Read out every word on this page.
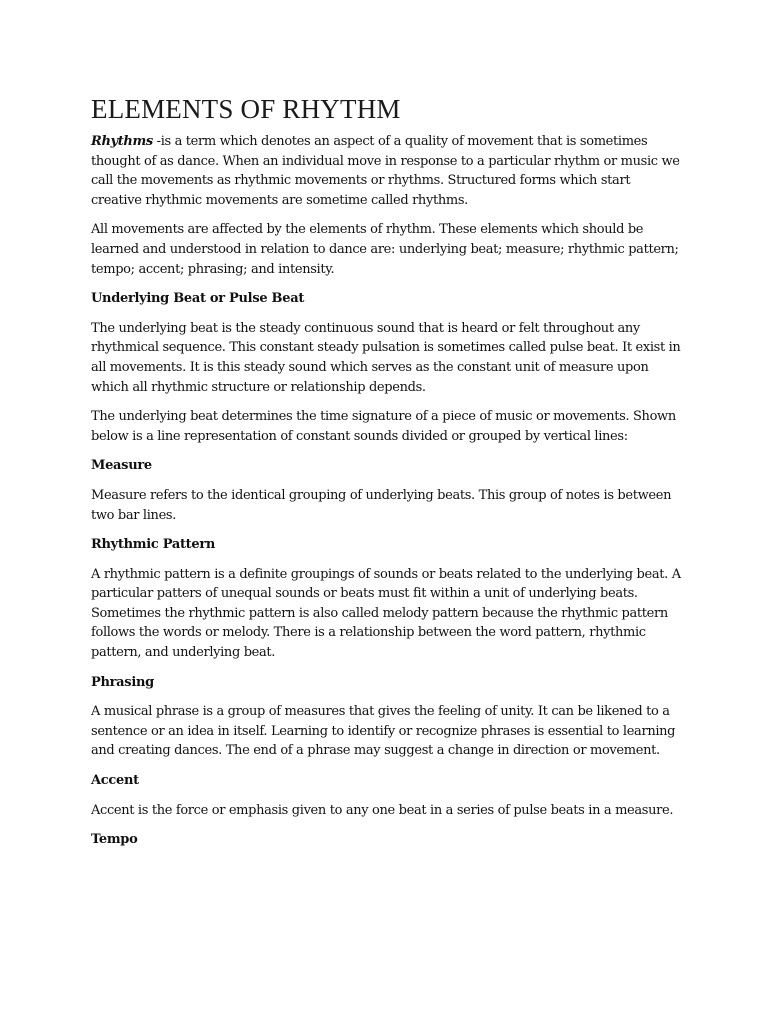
ELEMENTS OF RHYTHM

Rhythms -is a term which denotes an aspect of a quality of movement that is sometimes thought of as dance. When an individual move in response to a particular rhythm or music we call the movements as rhythmic movements or rhythms. Structured forms which start creative rhythmic movements are sometime called rhythms.

All movements are affected by the elements of rhythm. These elements which should be learned and understood in relation to dance are: underlying beat; measure; rhythmic pattern; tempo; accent; phrasing; and intensity.

Underlying Beat or Pulse Beat

The underlying beat is the steady continuous sound that is heard or felt throughout any rhythmical sequence. This constant steady pulsation is sometimes called pulse beat. It exist in all movements. It is this steady sound which serves as the constant unit of measure upon which all rhythmic structure or relationship depends.

The underlying beat determines the time signature of a piece of music or movements. Shown below is a line representation of constant sounds divided or grouped by vertical lines:

Measure

Measure refers to the identical grouping of underlying beats. This group of notes is between two bar lines.

Rhythmic Pattern

A rhythmic pattern is a definite groupings of sounds or beats related to the underlying beat. A particular patters of unequal sounds or beats must fit within a unit of underlying beats. Sometimes the rhythmic pattern is also called melody pattern because the rhythmic pattern follows the words or melody. There is a relationship between the word pattern, rhythmic pattern, and underlying beat.

Phrasing

A musical phrase is a group of measures that gives the feeling of unity. It can be likened to a sentence or an idea in itself. Learning to identify or recognize phrases is essential to learning and creating dances. The end of a phrase may suggest a change in direction or movement.

Accent

Accent is the force or emphasis given to any one beat in a series of pulse beats in a measure.

Tempo
